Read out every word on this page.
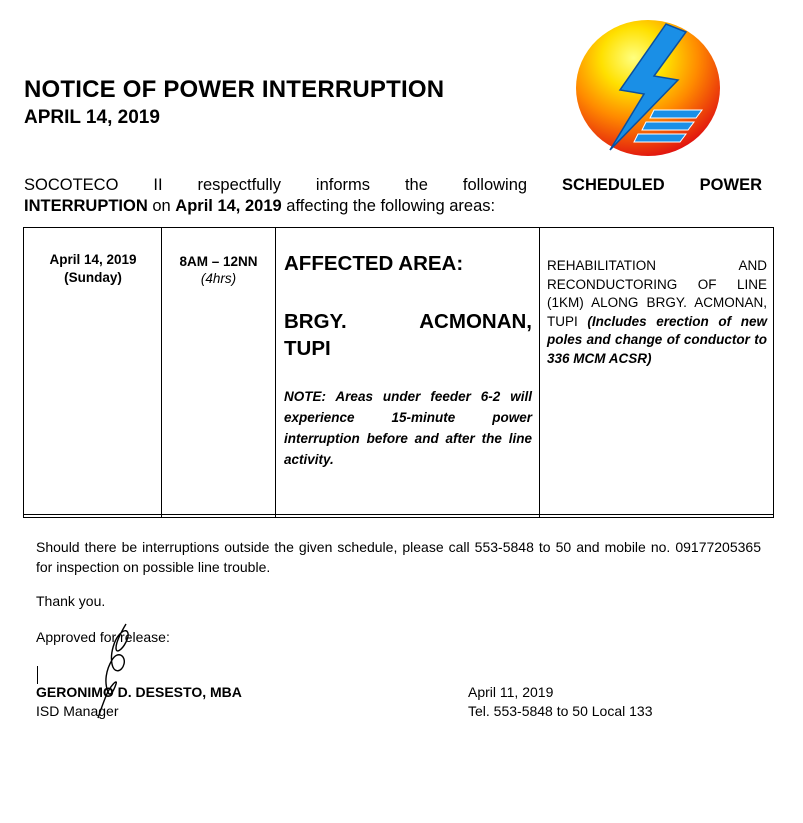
NOTICE OF POWER INTERRUPTION
APRIL 14, 2019
SOCOTECO II respectfully informs the following SCHEDULED POWER
INTERRUPTION on April 14, 2019 affecting the following areas:
April 14, 2019
(Sunday)
8AM – 12NN
(4hrs)
AFFECTED AREA:
BRGY. ACMONAN,
TUPI
NOTE: Areas under feeder 6-2 will experience 15-minute power interruption before and after the line activity.
REHABILITATION AND RECONDUCTORING OF LINE (1KM) ALONG BRGY. ACMONAN, TUPI (Includes erection of new poles and change of conductor to 336 MCM ACSR)
Should there be interruptions outside the given schedule, please call 553-5848 to 50 and mobile no. 09177205365 for inspection on possible line trouble.
Thank you.
Approved for release:
GERONIMO D. DESESTO, MBA
ISD Manager
April 11, 2019
Tel. 553-5848 to 50 Local 133
